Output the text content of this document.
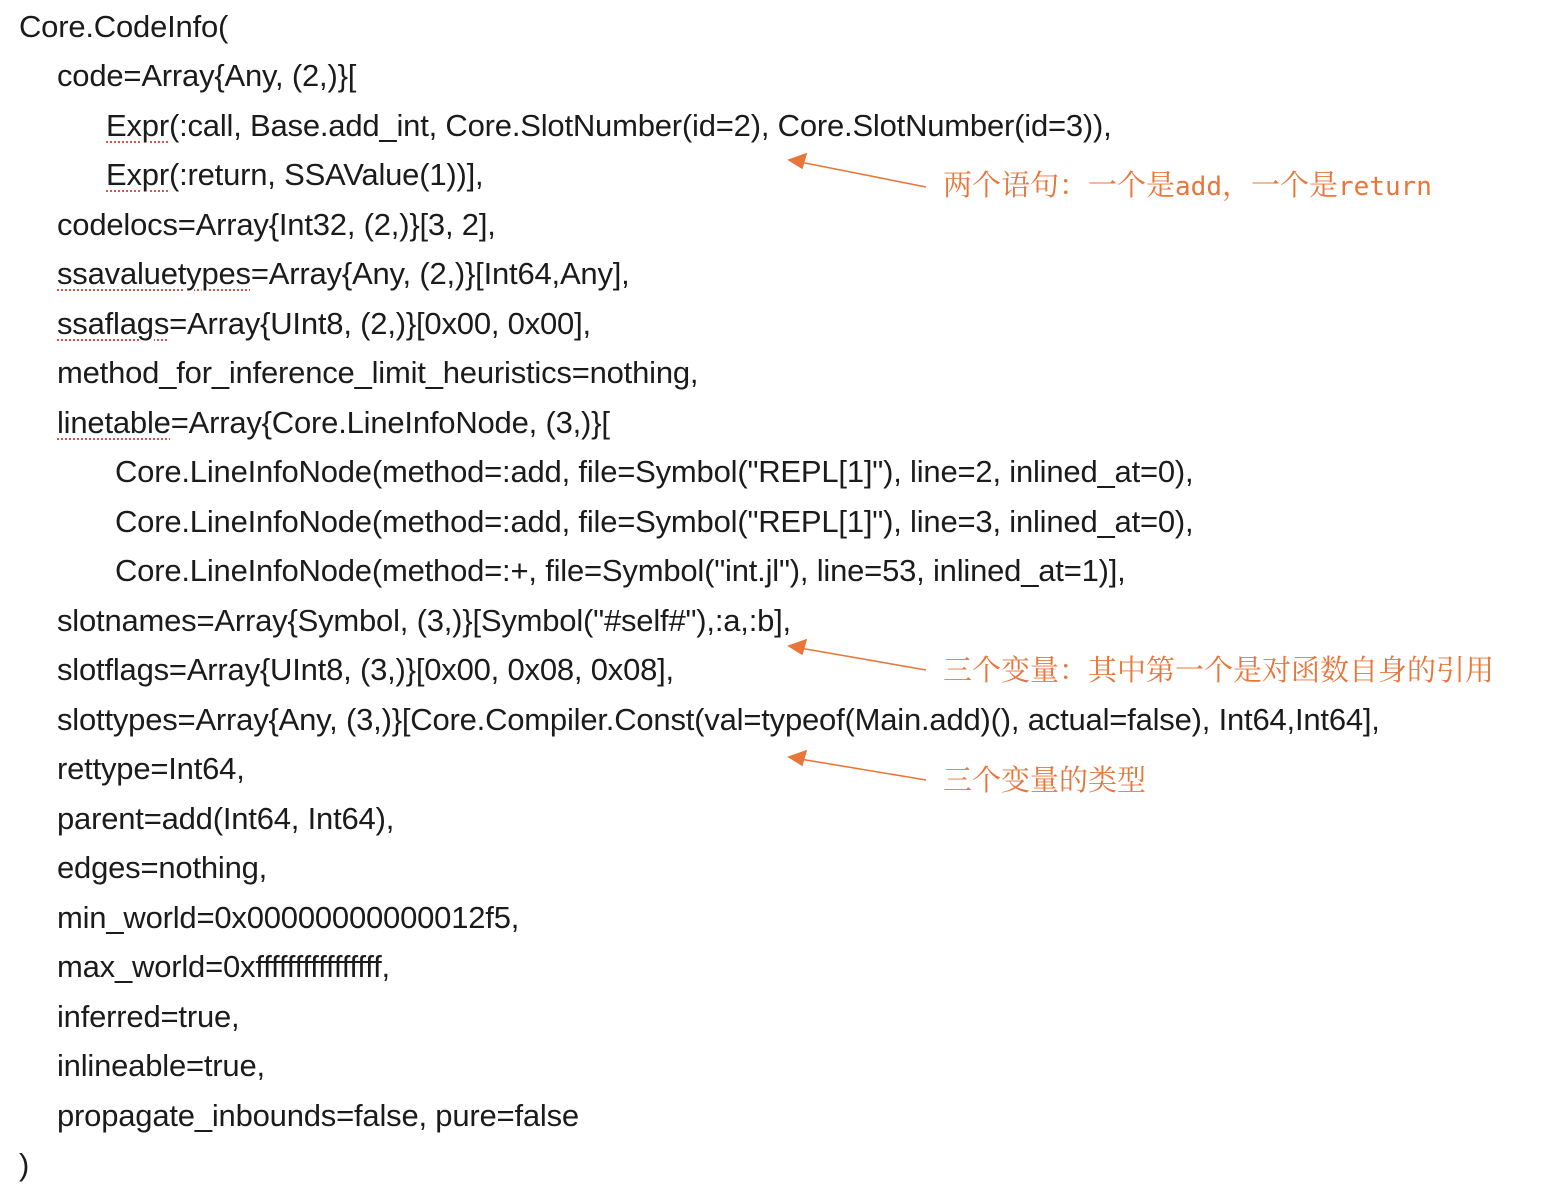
Core.CodeInfo(
code=Array{Any, (2,)}[
Expr(:call, Base.add_int, Core.SlotNumber(id=2), Core.SlotNumber(id=3)),
Expr(:return, SSAValue(1))],
codelocs=Array{Int32, (2,)}[3, 2],
ssavaluetypes=Array{Any, (2,)}[Int64,Any],
ssaflags=Array{UInt8, (2,)}[0x00, 0x00],
method_for_inference_limit_heuristics=nothing,
linetable=Array{Core.LineInfoNode, (3,)}[
Core.LineInfoNode(method=:add, file=Symbol("REPL[1]"), line=2, inlined_at=0),
Core.LineInfoNode(method=:add, file=Symbol("REPL[1]"), line=3, inlined_at=0),
Core.LineInfoNode(method=:+, file=Symbol("int.jl"), line=53, inlined_at=1)],
slotnames=Array{Symbol, (3,)}[Symbol("#self#"),:a,:b],
slotflags=Array{UInt8, (3,)}[0x00, 0x08, 0x08],
slottypes=Array{Any, (3,)}[Core.Compiler.Const(val=typeof(Main.add)(), actual=false), Int64,Int64],
rettype=Int64,
parent=add(Int64, Int64),
edges=nothing,
min_world=0x00000000000012f5,
max_world=0xffffffffffffffff,
inferred=true,
inlineable=true,
propagate_inbounds=false, pure=false
)
两个语句：一个是add，一个是return
三个变量：其中第一个是对函数自身的引用
三个变量的类型
